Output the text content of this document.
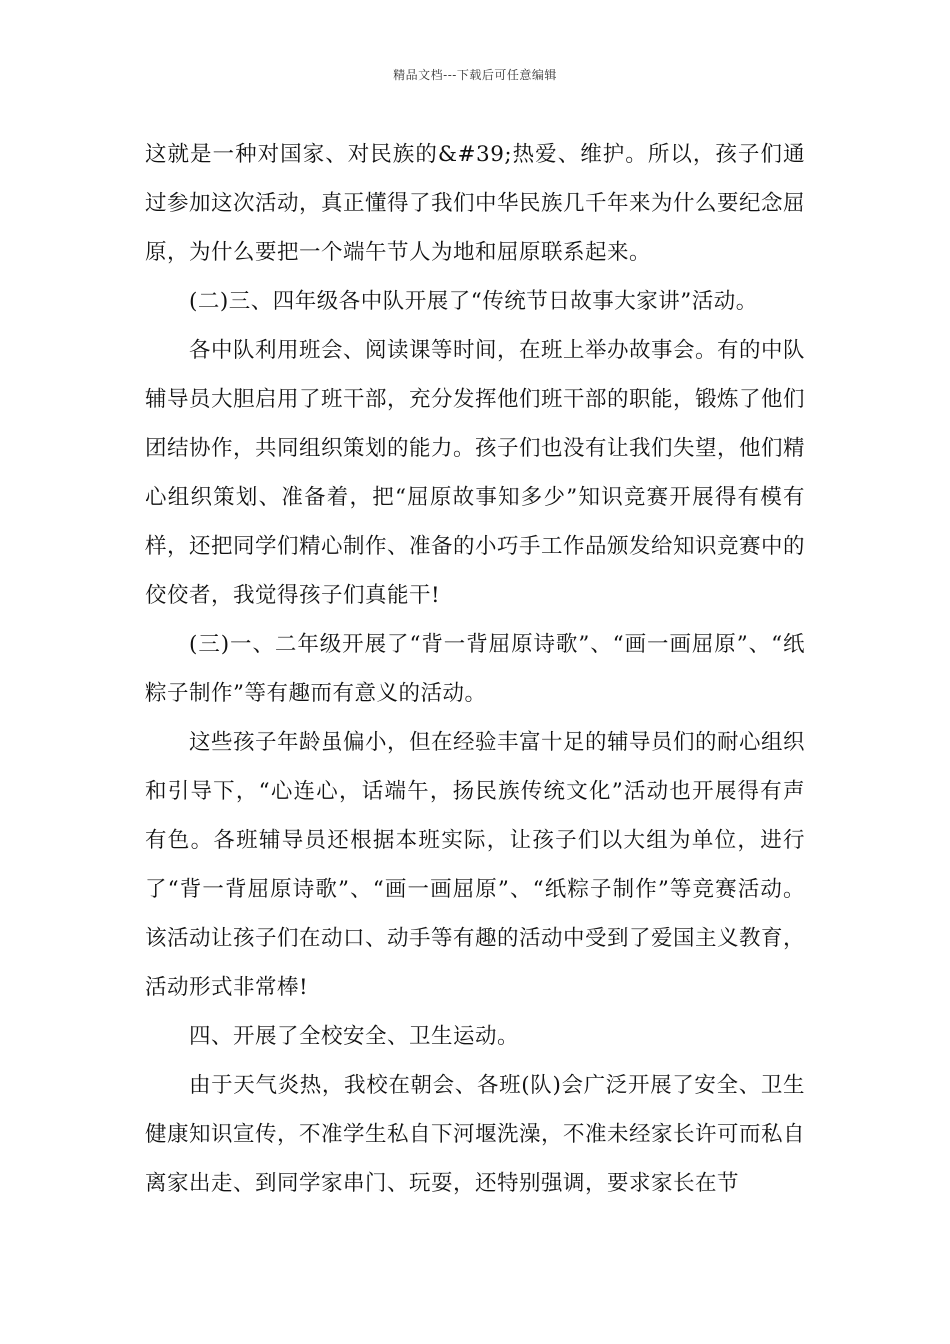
精品文档---下载后可任意编辑

这就是一种对国家、对民族的&#39;热爱、维护。所以，孩子们通过参加这次活动，真正懂得了我们中华民族几千年来为什么要纪念屈原，为什么要把一个端午节人为地和屈原联系起来。

(二)三、四年级各中队开展了“传统节日故事大家讲”活动。

各中队利用班会、阅读课等时间，在班上举办故事会。有的中队辅导员大胆启用了班干部，充分发挥他们班干部的职能，锻炼了他们团结协作，共同组织策划的能力。孩子们也没有让我们失望，他们精心组织策划、准备着，把“屈原故事知多少”知识竞赛开展得有模有样，还把同学们精心制作、准备的小巧手工作品颁发给知识竞赛中的佼佼者，我觉得孩子们真能干!

(三)一、二年级开展了“背一背屈原诗歌”、“画一画屈原”、“纸粽子制作”等有趣而有意义的活动。

这些孩子年龄虽偏小，但在经验丰富十足的辅导员们的耐心组织和引导下，“心连心，话端午，扬民族传统文化”活动也开展得有声有色。各班辅导员还根据本班实际，让孩子们以大组为单位，进行了“背一背屈原诗歌”、“画一画屈原”、“纸粽子制作”等竞赛活动。该活动让孩子们在动口、动手等有趣的活动中受到了爱国主义教育，活动形式非常棒!

四、开展了全校安全、卫生运动。

由于天气炎热，我校在朝会、各班(队)会广泛开展了安全、卫生健康知识宣传，不准学生私自下河堰洗澡，不准未经家长许可而私自离家出走、到同学家串门、玩耍，还特别强调，要求家长在节
